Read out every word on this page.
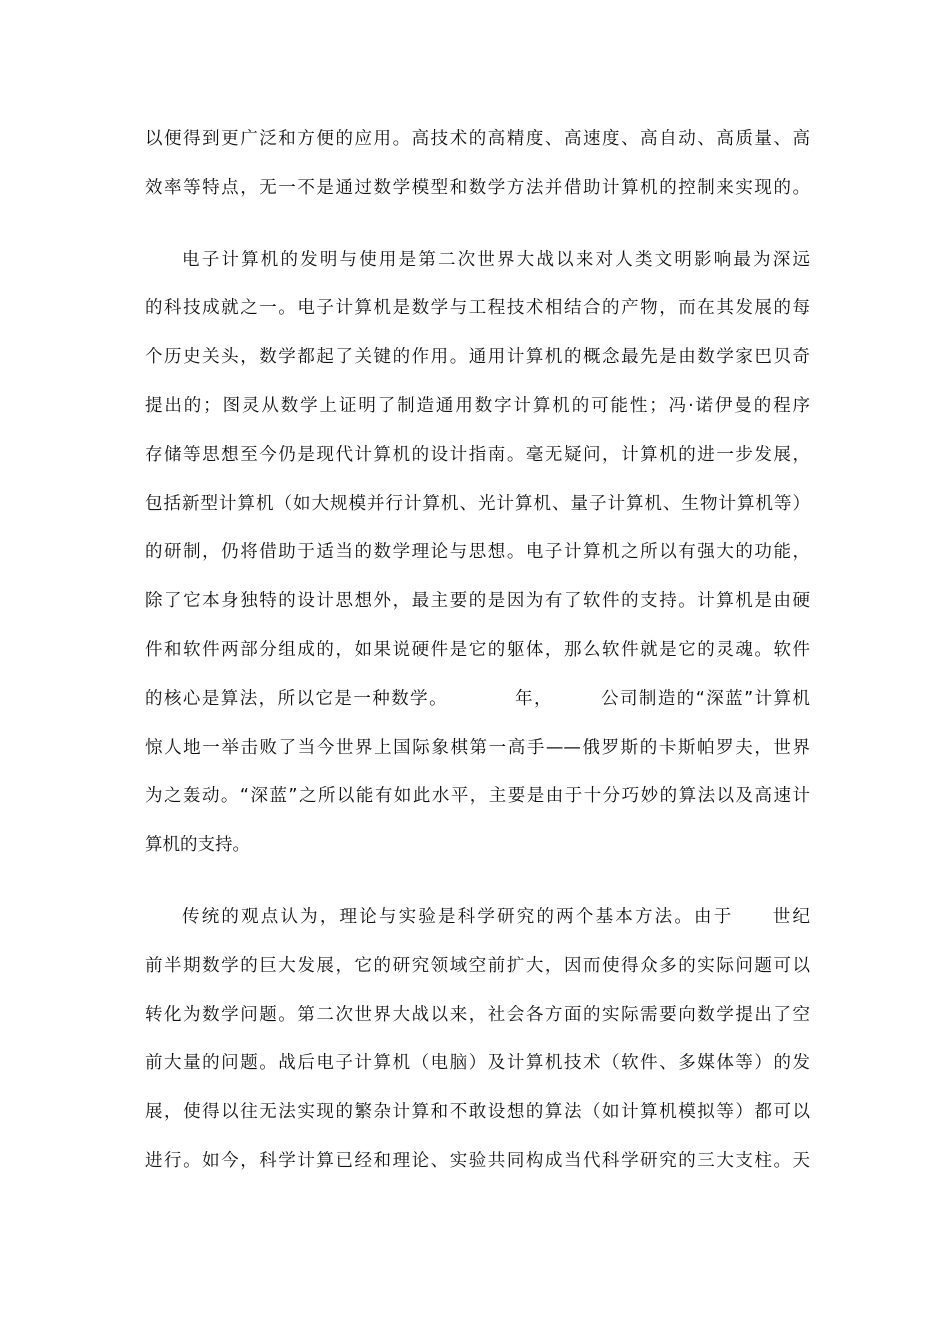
以便得到更广泛和方便的应用。高技术的高精度、高速度、高自动、高质量、高
效率等特点，无一不是通过数学模型和数学方法并借助计算机的控制来实现的。
电子计算机的发明与使用是第二次世界大战以来对人类文明影响最为深远
的科技成就之一。电子计算机是数学与工程技术相结合的产物，而在其发展的每
个历史关头，数学都起了关键的作用。通用计算机的概念最先是由数学家巴贝奇
提出的；图灵从数学上证明了制造通用数字计算机的可能性；冯·诺伊曼的程序
存储等思想至今仍是现代计算机的设计指南。毫无疑问，计算机的进一步发展，
包括新型计算机（如大规模并行计算机、光计算机、量子计算机、生物计算机等）
的研制，仍将借助于适当的数学理论与思想。电子计算机之所以有强大的功能，
除了它本身独特的设计思想外，最主要的是因为有了软件的支持。计算机是由硬
件和软件两部分组成的，如果说硬件是它的躯体，那么软件就是它的灵魂。软件
的核心是算法，所以它是一种数学。　　　　年，　　　公司制造的“深蓝”计算机
惊人地一举击败了当今世界上国际象棋第一高手——俄罗斯的卡斯帕罗夫，世界
为之轰动。“深蓝”之所以能有如此水平，主要是由于十分巧妙的算法以及高速计
算机的支持。
传统的观点认为，理论与实验是科学研究的两个基本方法。由于　　世纪
前半期数学的巨大发展，它的研究领域空前扩大，因而使得众多的实际问题可以
转化为数学问题。第二次世界大战以来，社会各方面的实际需要向数学提出了空
前大量的问题。战后电子计算机（电脑）及计算机技术（软件、多媒体等）的发
展，使得以往无法实现的繁杂计算和不敢设想的算法（如计算机模拟等）都可以
进行。如今，科学计算已经和理论、实验共同构成当代科学研究的三大支柱。天
